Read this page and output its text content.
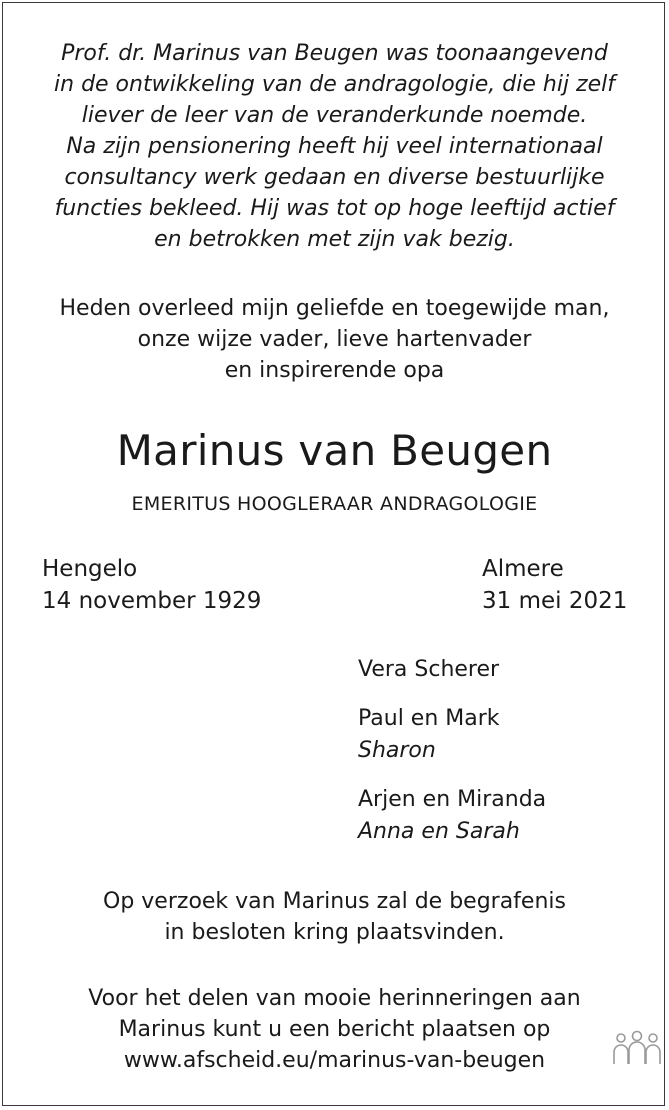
Prof. dr. Marinus van Beugen was toonaangevend
in de ontwikkeling van de andragologie, die hij zelf
liever de leer van de veranderkunde noemde.
Na zijn pensionering heeft hij veel internationaal
consultancy werk gedaan en diverse bestuurlijke
functies bekleed. Hij was tot op hoge leeftijd actief
en betrokken met zijn vak bezig.
Heden overleed mijn geliefde en toegewijde man,
onze wijze vader, lieve hartenvader
en inspirerende opa
Marinus van Beugen
EMERITUS HOOGLERAAR ANDRAGOLOGIE
Hengelo
14 november 1929
Almere
31 mei 2021
Vera Scherer
Paul en Mark
Sharon
Arjen en Miranda
Anna en Sarah
Op verzoek van Marinus zal de begrafenis
in besloten kring plaatsvinden.
Voor het delen van mooie herinneringen aan
Marinus kunt u een bericht plaatsen op
www.afscheid.eu/marinus-van-beugen
